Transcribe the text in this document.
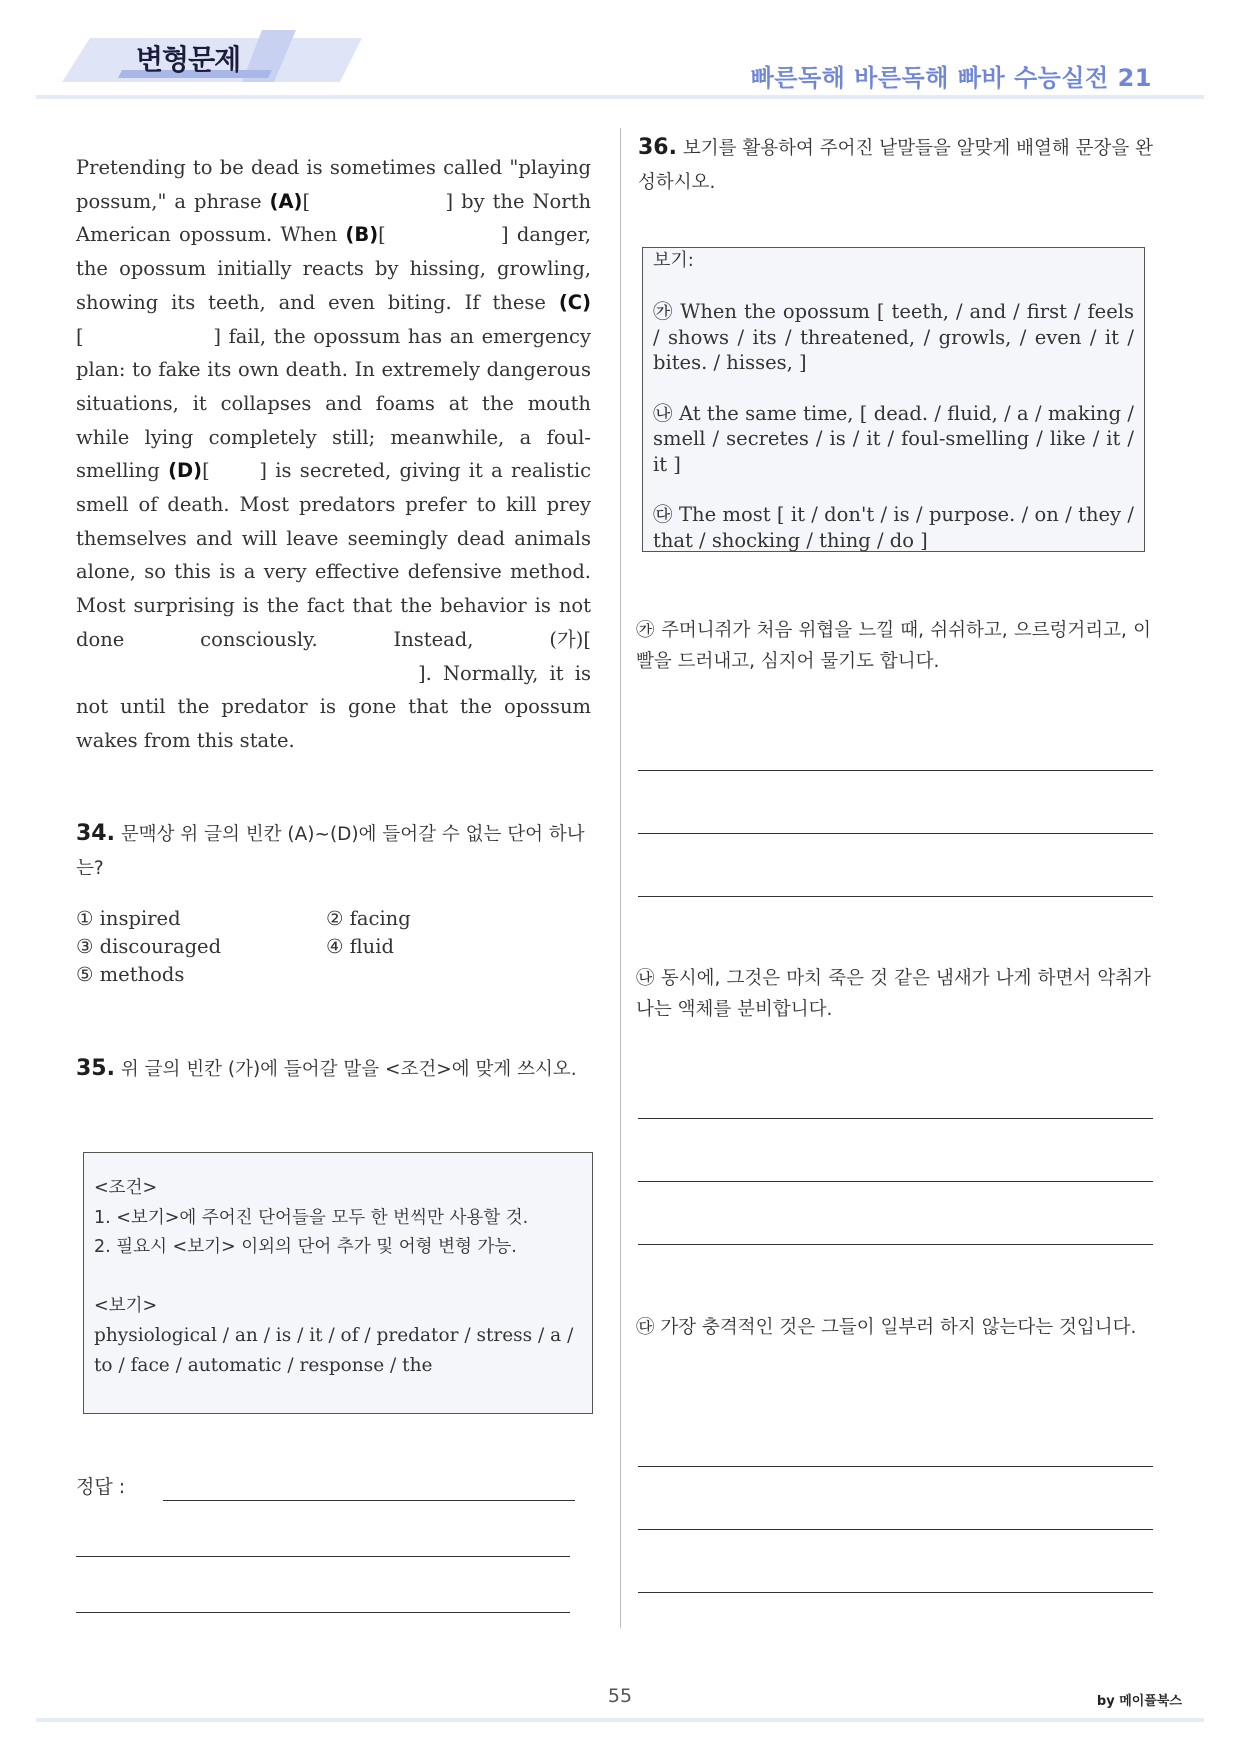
변형문제
빠른독해 바른독해 빠바 수능실전 21
Pretending to be dead is sometimes called "playing possum," a phrase (A)[                 ] by the North American opossum. When (B)[              ] danger, the opossum initially reacts by hissing, growling, showing its teeth, and even biting. If these (C)[                 ] fail, the opossum has an emergency plan: to fake its own death. In extremely dangerous situations, it collapses and foams at the mouth while lying completely still; meanwhile, a foul-smelling (D)[      ] is secreted, giving it a realistic smell of death. Most predators prefer to kill prey themselves and will leave seemingly dead animals alone, so this is a very effective defensive method. Most surprising is the fact that the behavior is not done consciously. Instead, (가)[]. Normally, it is not until the predator is gone that the opossum wakes from this state.
34. 문맥상 위 글의 빈칸 (A)~(D)에 들어갈 수 없는 단어 하나는?
① inspired	② facing
③ discouraged	④ fluid
⑤ methods
35. 위 글의 빈칸 (가)에 들어갈 말을 <조건>에 맞게 쓰시오.
<조건>
1. <보기>에 주어진 단어들을 모두 한 번씩만 사용할 것.
2. 필요시 <보기> 이외의 단어 추가 및 어형 변형 가능.
<보기>
physiological / an / is / it / of / predator / stress / a / to / face / automatic / response / the
정답 :
36. 보기를 활용하여 주어진 낱말들을 알맞게 배열해 문장을 완성하시오.
보기:

㉮ When the opossum [ teeth, / and / first / feels / shows / its / threatened, / growls, / even / it / bites. / hisses, ]

㉯ At the same time, [ dead. / fluid, / a / making / smell / secretes / is / it / foul-smelling / like / it / it ]

㉰ The most [ it / don't / is / purpose. / on / they / that / shocking / thing / do ]

㉮ 주머니쥐가 처음 위협을 느낄 때, 쉬쉬하고, 으르렁거리고, 이빨을 드러내고, 심지어 물기도 합니다.
㉯ 동시에, 그것은 마치 죽은 것 같은 냄새가 나게 하면서 악취가 나는 액체를 분비합니다.
㉰ 가장 충격적인 것은 그들이 일부러 하지 않는다는 것입니다.
55	by 메이플북스
